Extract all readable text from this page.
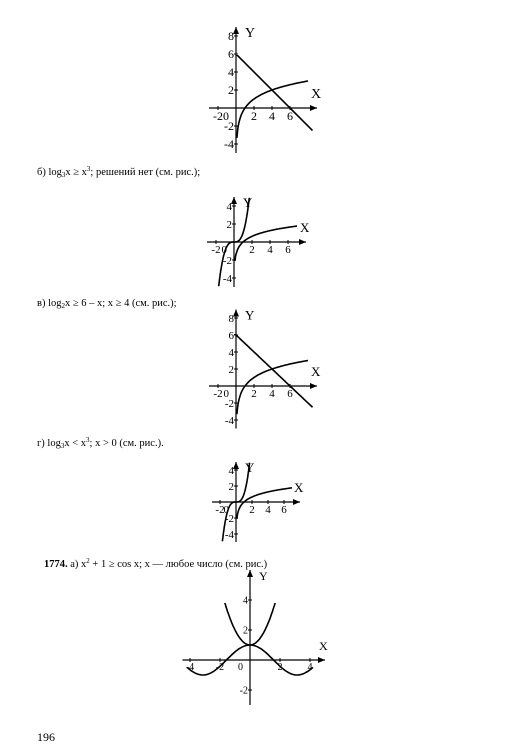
X
Y
-2 0 2 4 6
8
6
4
2
-2
-4
б) $\log_3x \ge x^3$; решений нет (см. рис.);
X
Y
-2 0 2 4 6
4
2
-2
-4
в) $\log_2x \ge 6 - x$; x ≥ 4 (см. рис.);
X
Y
-2 0 2 4 6
8
6
4
2
-2
-4
г) $\log_3x < x^3$; x > 0 (см. рис.).
X
Y
-2
0 2 4 6
4
2
-2
-4
1774. а) $x^2 + 1 \ge \cos x$; x — любое число (см. рис.)
X
Y
-4 -2 0	2	4
4
2
-2
196
